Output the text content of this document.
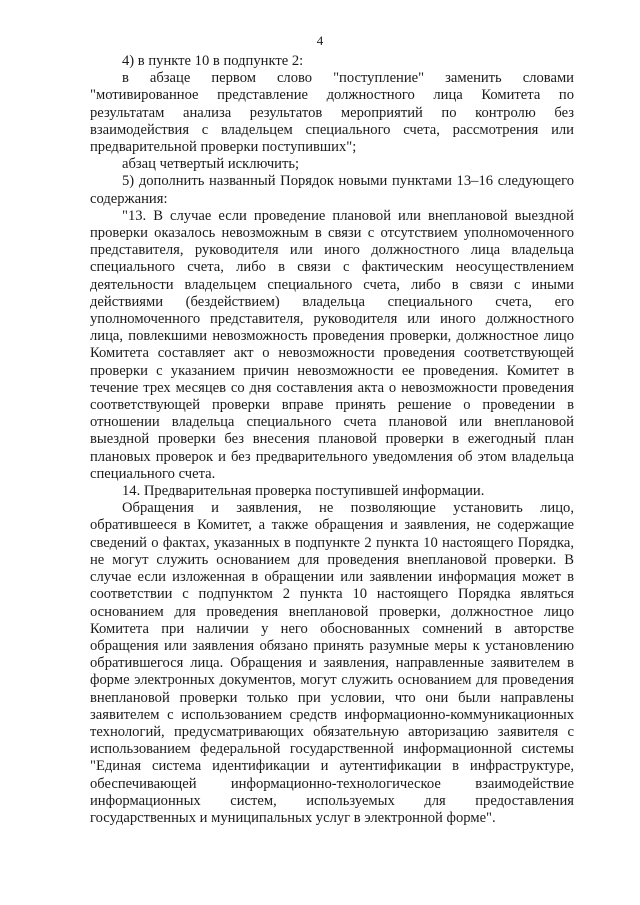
4

4) в пункте 10 в подпункте 2:

в абзаце первом слово "поступление" заменить словами "мотивированное представление должностного лица Комитета по результатам анализа результатов мероприятий по контролю без взаимодействия с владельцем специального счета, рассмотрения или предварительной проверки поступивших";

абзац четвертый исключить;

5) дополнить названный Порядок новыми пунктами 13–16 следующего содержания:

"13. В случае если проведение плановой или внеплановой выездной проверки оказалось невозможным в связи с отсутствием уполномоченного представителя, руководителя или иного должностного лица владельца специального счета, либо в связи с фактическим неосуществлением деятельности владельцем специального счета, либо в связи с иными действиями (бездействием) владельца специального счета, его уполномоченного представителя, руководителя или иного должностного лица, повлекшими невозможность проведения проверки, должностное лицо Комитета составляет акт о невозможности проведения соответствующей проверки с указанием причин невозможности ее проведения. Комитет в течение трех месяцев со дня составления акта о невозможности проведения соответствующей проверки вправе принять решение о проведении в отношении владельца специального счета плановой или внеплановой выездной проверки без внесения плановой проверки в ежегодный план плановых проверок и без предварительного уведомления об этом владельца специального счета.

14. Предварительная проверка поступившей информации.

Обращения и заявления, не позволяющие установить лицо, обратившееся в Комитет, а также обращения и заявления, не содержащие сведений о фактах, указанных в подпункте 2 пункта 10 настоящего Порядка, не могут служить основанием для проведения внеплановой проверки. В случае если изложенная в обращении или заявлении информация может в соответствии с подпунктом 2 пункта 10 настоящего Порядка являться основанием для проведения внеплановой проверки, должностное лицо Комитета при наличии у него обоснованных сомнений в авторстве обращения или заявления обязано принять разумные меры к установлению обратившегося лица. Обращения и заявления, направленные заявителем в форме электронных документов, могут служить основанием для проведения внеплановой проверки только при условии, что они были направлены заявителем с использованием средств информационно-коммуникационных технологий, предусматривающих обязательную авторизацию заявителя с использованием федеральной государственной информационной системы "Единая система идентификации и аутентификации в инфраструктуре, обеспечивающей информационно-технологическое взаимодействие информационных систем, используемых для предоставления государственных и муниципальных услуг в электронной форме".
